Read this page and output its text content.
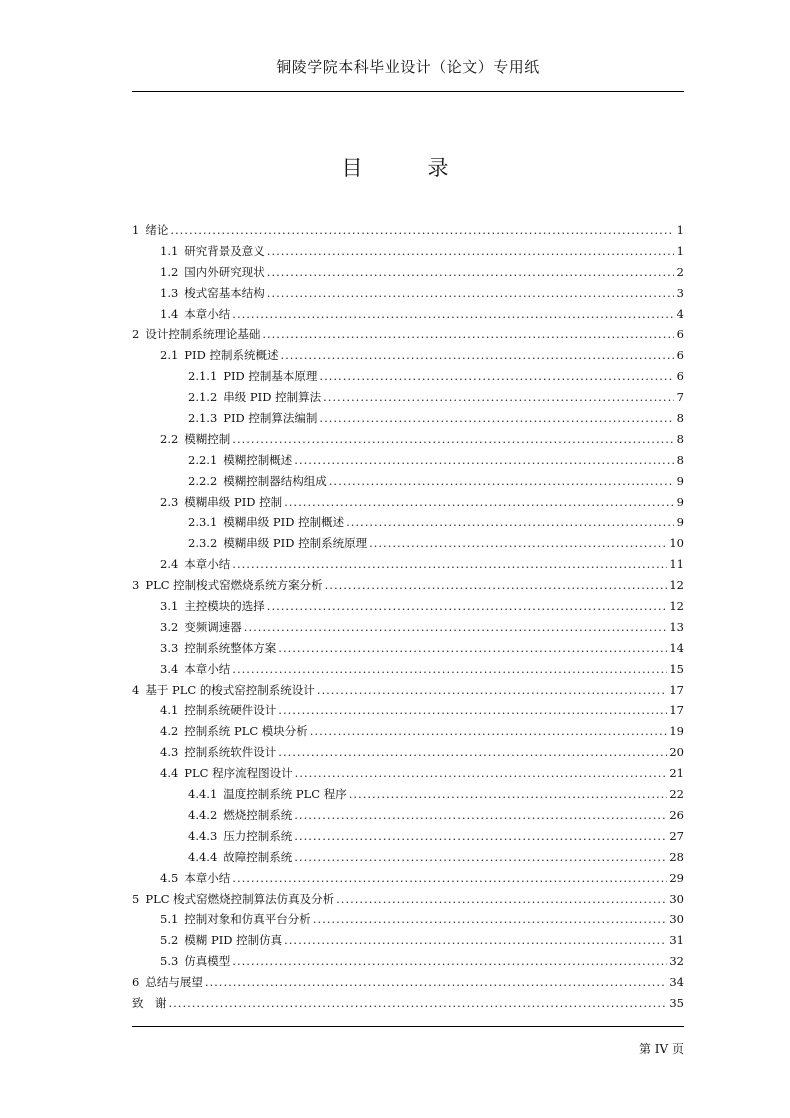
铜陵学院本科毕业设计（论文）专用纸
目　录
1 绪论 .....	1
1.1 研究背景及意义 .....	1
1.2 国内外研究现状 .....	2
1.3 梭式窑基本结构 .....	3
1.4 本章小结 .....	4
2 设计控制系统理论基础 .....	6
2.1 PID 控制系统概述 .....	6
2.1.1 PID 控制基本原理 .....	6
2.1.2 串级 PID 控制算法 .....	7
2.1.3 PID 控制算法编制 .....	8
2.2 模糊控制 .....	8
2.2.1 模糊控制概述 .....	8
2.2.2 模糊控制器结构组成 .....	9
2.3 模糊串级 PID 控制 .....	9
2.3.1 模糊串级 PID 控制概述 .....	9
2.3.2 模糊串级 PID 控制系统原理 .....	10
2.4 本章小结 .....	11
3 PLC 控制梭式窑燃烧系统方案分析 .....	12
3.1 主控模块的选择 .....	12
3.2 变频调速器 .....	13
3.3 控制系统整体方案 .....	14
3.4 本章小结 .....	15
4 基于 PLC 的梭式窑控制系统设计 .....	17
4.1 控制系统硬件设计 .....	17
4.2 控制系统 PLC 模块分析 .....	19
4.3 控制系统软件设计 .....	20
4.4 PLC 程序流程图设计 .....	21
4.4.1 温度控制系统 PLC 程序 .....	22
4.4.2 燃烧控制系统 .....	26
4.4.3 压力控制系统 .....	27
4.4.4 故障控制系统 .....	28
4.5 本章小结 .....	29
5 PLC 梭式窑燃烧控制算法仿真及分析 .....	30
5.1 控制对象和仿真平台分析 .....	30
5.2 模糊 PID 控制仿真 .....	31
5.3 仿真模型 .....	32
6 总结与展望 .....	34
致　谢 .....	35
第 IV 页
